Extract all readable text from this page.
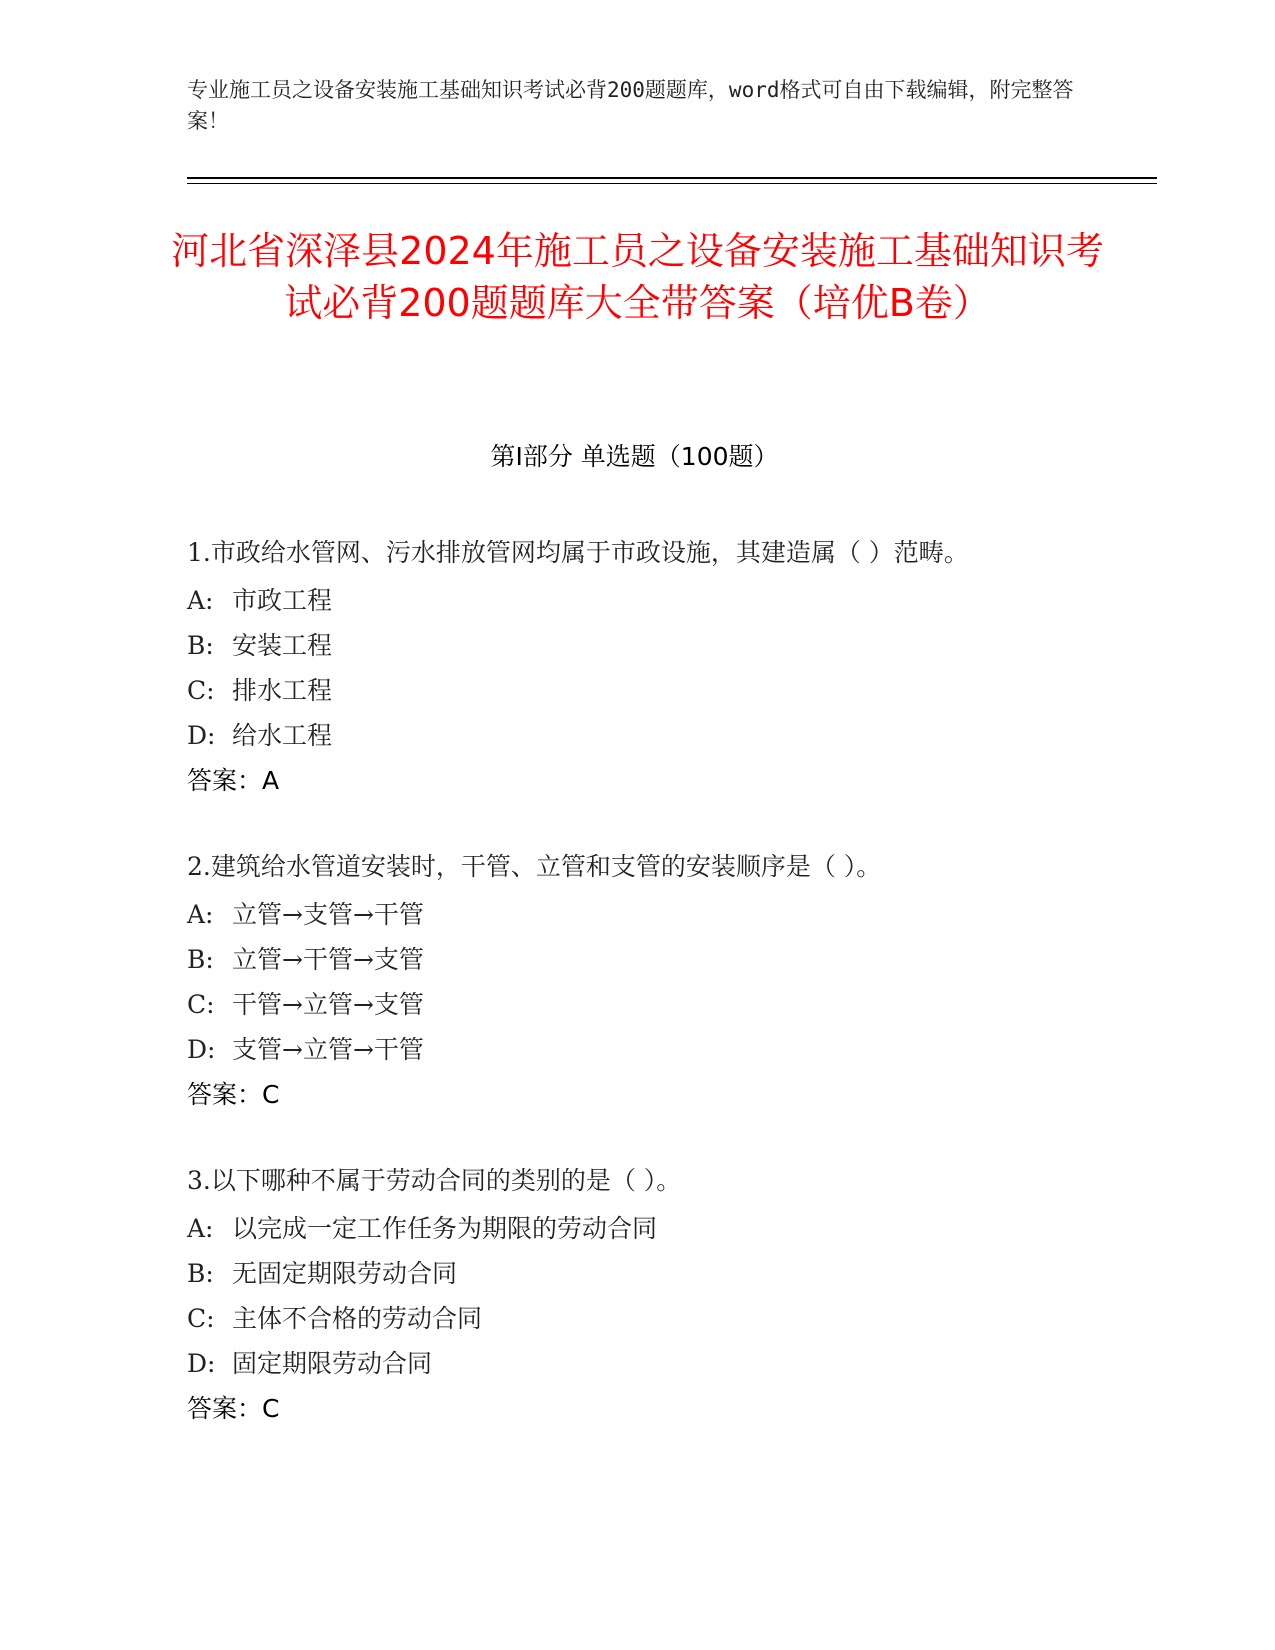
专业施工员之设备安装施工基础知识考试必背200题题库，word格式可自由下载编辑，附完整答案！
河北省深泽县2024年施工员之设备安装施工基础知识考试必背200题题库大全带答案（培优B卷）
第I部分 单选题（100题）

1.市政给水管网、污水排放管网均属于市政设施，其建造属（ ）范畴。

A: 市政工程
B: 安装工程
C: 排水工程
D: 给水工程
答案：A

2.建筑给水管道安装时，干管、立管和支管的安装顺序是（ ）。

A: 立管→支管→干管
B: 立管→干管→支管
C: 干管→立管→支管
D: 支管→立管→干管
答案：C

3.以下哪种不属于劳动合同的类别的是（ ）。

A: 以完成一定工作任务为期限的劳动合同
B: 无固定期限劳动合同
C: 主体不合格的劳动合同
D: 固定期限劳动合同
答案：C
